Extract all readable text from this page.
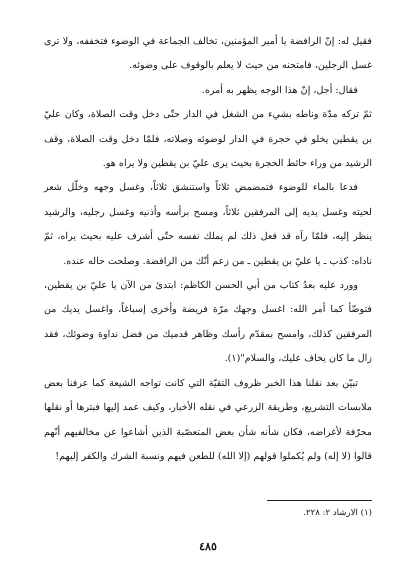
فقيل له: إنّ الرافضة يا أمير المؤمنين، تخالف الجماعة في الوضوء فتخففه، ولا ترى غسل الرجلين، فامتحنه من حيث لا يعلم بالوقوف على وضوئه.

فقال: أجل، إنّ هذا الوجه يظهر به أمره.

ثمّ تركه مدّة وناطه بشيء من الشغل في الدار حتّى دخل وقت الصلاة، وكان عليّ بن يقطين يخلو في حجرة في الدار لوضوئه وصلاته، فلمّا دخل وقت الصلاة، وقف الرشيد من وراء حائط الحجرة بحيث يرى عليّ بن يقطين ولا يراه هو.

فدعا بالماء للوضوء فتمضمض ثلاثاً واستنشق ثلاثاً، وغسل وجهه وخلّل شعر لحيته وغسل يديه إلى المرفقين ثلاثاً، ومسح برأسه وأذنيه وغسل رجليه، والرشيد ينظر إليه، فلمّا رآه قد فعل ذلك لم يملك نفسه حتّى أشرف عليه بحيث يراه، ثمّ ناداه: كذب ـ يا عليّ بن يقطين ـ من زعم أنّك من الرافضة. وصلحت حاله عنده.

وورد عليه بعدُ كتاب من أبي الحسن الكاظم: ابتدئ من الآن يا عليّ بن يقطين، فتوضّأ كما أمر الله: اغسل وجهك مرّة فريضة وأخرى إسباغاً، واغسل يديك من المرفقين كذلك، وامسح بمقدّم رأسك وظاهر قدميك من فضل نداوة وضوئك، فقد زال ما كان يخاف عليك، والسلام"(١).

تبيّن بعد نقلنا هذا الخبر ظروف التقيّة التي كانت تواجه الشيعة كما عرفنا بعض ملابسات التشريع، وطريقة الزرعي في نقله الأخبار، وكيف عمد إليها فبترها أو نقلها محرّفة لأغراضه، فكان شأنه شأن بعض المتعصّبة الذين أشاعوا عن مخالفيهم أنّهم قالوا (لا إله) ولم يُكملوا قولهم (إلا الله) للطعن فيهم ونسبة الشرك والكفر إليهم!

(١) الارشاد ٢: ٢٢٨.
٤٨٥
